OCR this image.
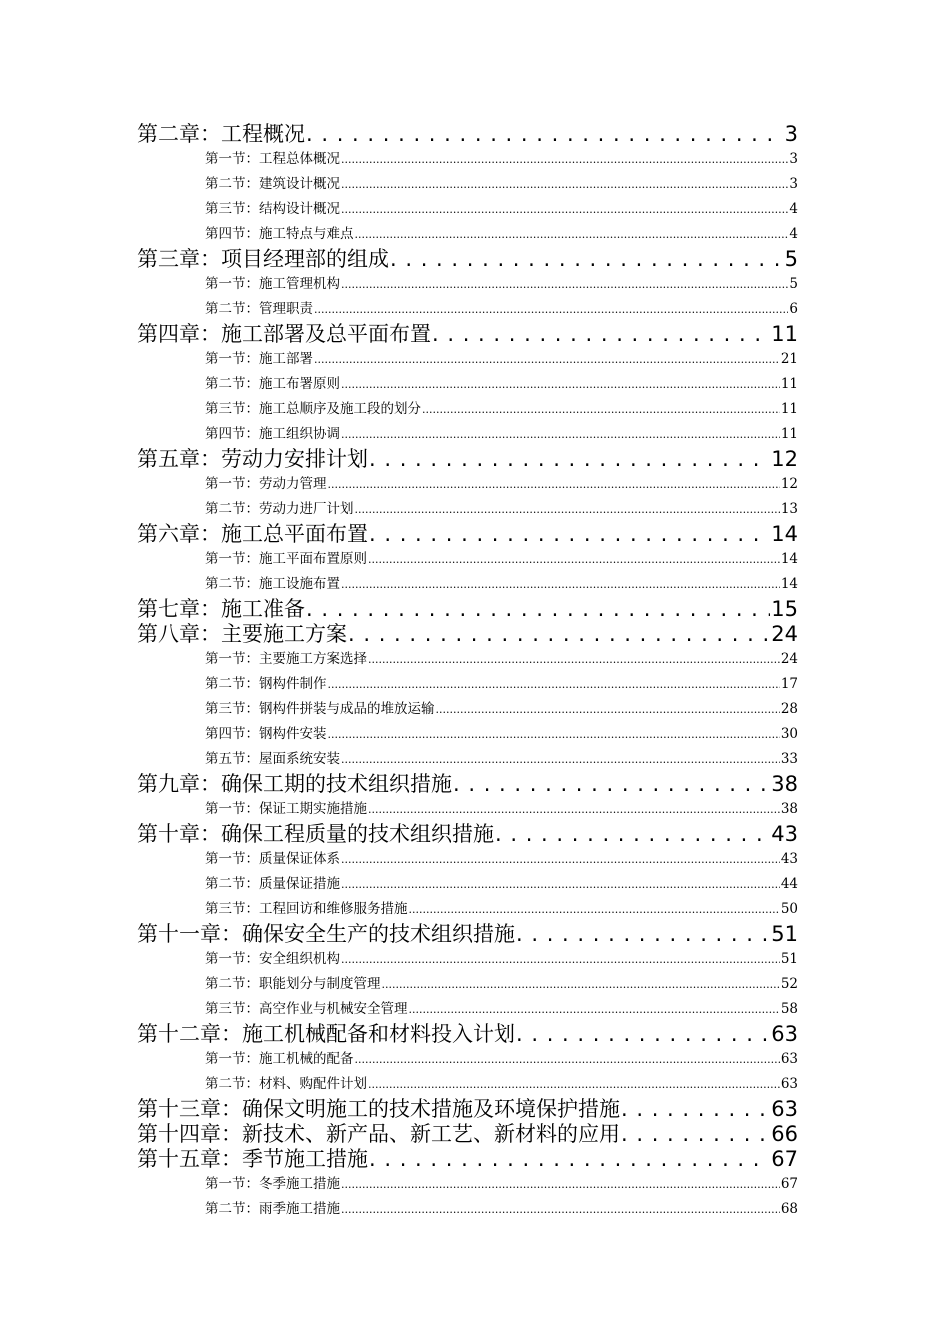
第二章：工程概况 . . .	3
第一节：工程总体概况 .....	3
第二节：建筑设计概况 .....	3
第三节：结构设计概况 .....	4
第四节：施工特点与难点 .....	4
第三章：项目经理部的组成 . . .	5
第一节：施工管理机构 .....	5
第二节：管理职责 .....	6
第四章：施工部署及总平面布置 . . .	11
第一节：施工部署 .....	21
第二节：施工布署原则 .....	11
第三节：施工总顺序及施工段的划分 .....	11
第四节：施工组织协调 .....	11
第五章：劳动力安排计划 . . .	12
第一节：劳动力管理 .....	12
第二节：劳动力进厂计划 .....	13
第六章：施工总平面布置 . . .	14
第一节：施工平面布置原则 .....	14
第二节：施工设施布置 .....	14
第七章：施工准备 . . .	15
第八章：主要施工方案 . . .	24
第一节：主要施工方案选择 .....	24
第二节：钢构件制作 .....	17
第三节：钢构件拼装与成品的堆放运输 .....	28
第四节：钢构件安装 .....	30
第五节：屋面系统安装 .....	33
第九章：确保工期的技术组织措施 . . .	38
第一节：保证工期实施措施 .....	38
第十章：确保工程质量的技术组织措施 . . .	43
第一节：质量保证体系 .....	43
第二节：质量保证措施 .....	44
第三节：工程回访和维修服务措施 .....	50
第十一章：确保安全生产的技术组织措施 . . .	51
第一节：安全组织机构 .....	51
第二节：职能划分与制度管理 .....	52
第三节：高空作业与机械安全管理 .....	58
第十二章：施工机械配备和材料投入计划 . . .	63
第一节：施工机械的配备 .....	63
第二节：材料、购配件计划 .....	63
第十三章：确保文明施工的技术措施及环境保护措施 . . .	63
第十四章：新技术、新产品、新工艺、新材料的应用 . . .	66
第十五章：季节施工措施 . . .	67
第一节：冬季施工措施 .....	67
第二节：雨季施工措施 .....	68
